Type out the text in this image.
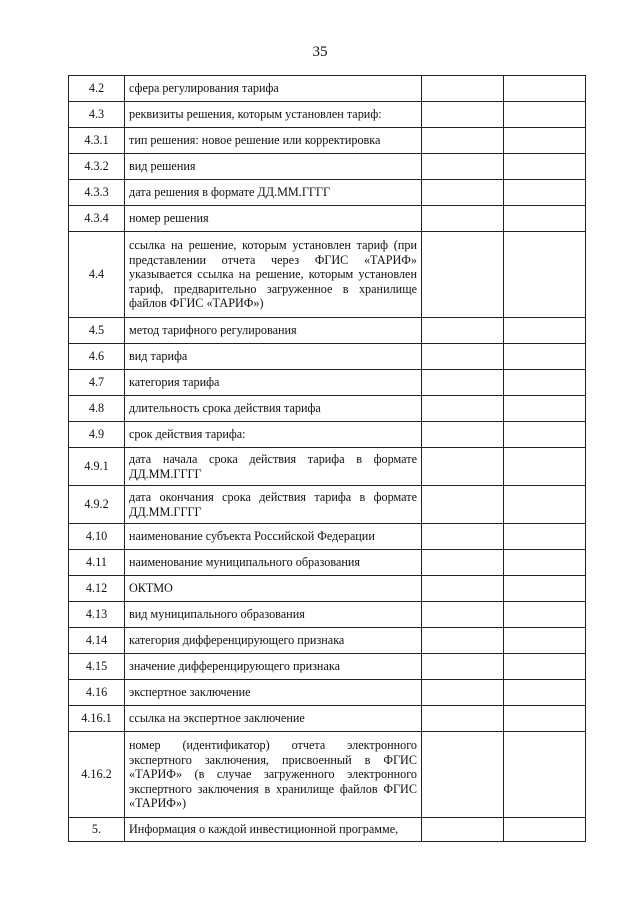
35
4.2	сфера регулирования тарифа		
4.3	реквизиты решения, которым установлен тариф:		
4.3.1	тип решения: новое решение или корректировка		
4.3.2	вид решения		
4.3.3	дата решения в формате ДД.ММ.ГГГГ		
4.3.4	номер решения		
4.4	ссылка на решение, которым установлен тариф (при представлении отчета через ФГИС «ТАРИФ» указывается ссылка на решение, которым установлен тариф, предварительно загруженное в хранилище файлов ФГИС «ТАРИФ»)		
4.5	метод тарифного регулирования		
4.6	вид тарифа		
4.7	категория тарифа		
4.8	длительность срока действия тарифа		
4.9	срок действия тарифа:		
4.9.1	дата начала срока действия тарифа в формате ДД.ММ.ГГГГ		
4.9.2	дата окончания срока действия тарифа в формате ДД.ММ.ГГГГ		
4.10	наименование субъекта Российской Федерации		
4.11	наименование муниципального образования		
4.12	ОКТМО		
4.13	вид муниципального образования		
4.14	категория дифференцирующего признака		
4.15	значение дифференцирующего признака		
4.16	экспертное заключение		
4.16.1	ссылка на экспертное заключение		
4.16.2	номер (идентификатор) отчета электронного экспертного заключения, присвоенный в ФГИС «ТАРИФ» (в случае загруженного электронного экспертного заключения в хранилище файлов ФГИС «ТАРИФ»)		
5.	Информация о каждой инвестиционной программе,		
